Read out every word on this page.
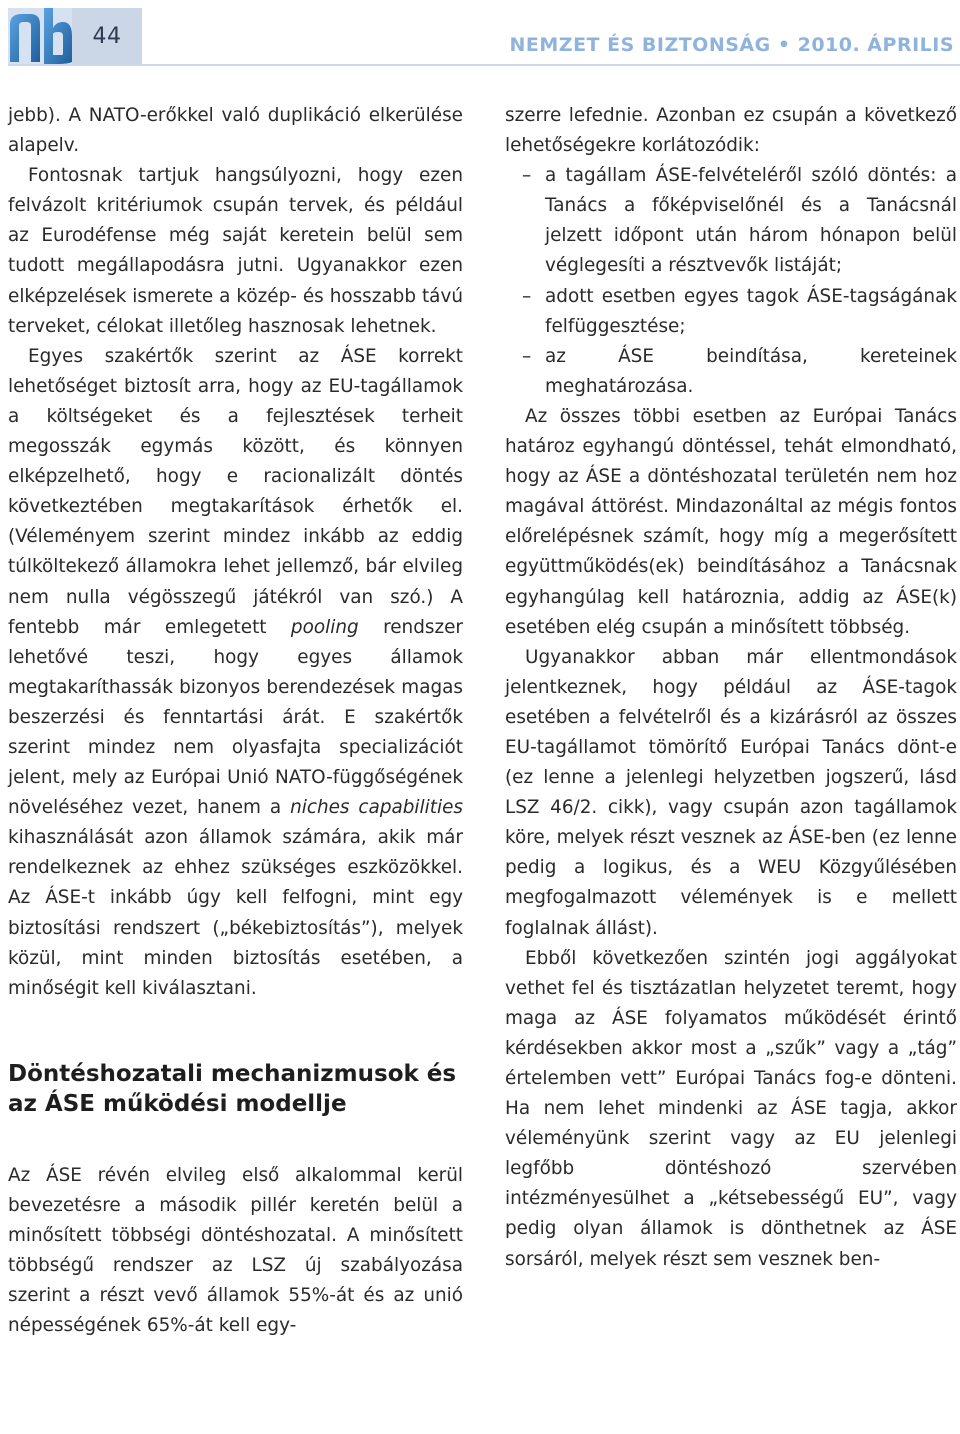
44	NEMZET ÉS BIZTONSÁG • 2010. ÁPRILIS

jebb). A NATO-erőkkel való duplikáció elkerülése alapelv.

Fontosnak tartjuk hangsúlyozni, hogy ezen felvázolt kritériumok csupán tervek, és például az Eurodéfense még saját keretein belül sem tudott megállapodásra jutni. Ugyanakkor ezen elképzelések ismerete a közép- és hosszabb távú terveket, célokat illetőleg hasznosak lehetnek.

Egyes szakértők szerint az ÁSE korrekt lehetőséget biztosít arra, hogy az EU-tagállamok a költségeket és a fejlesztések terheit megosszák egymás között, és könnyen elképzelhető, hogy e racionalizált döntés következtében megtakarítások érhetők el. (Véleményem szerint mindez inkább az eddig túlköltekező államokra lehet jellemző, bár elvileg nem nulla végösszegű játékról van szó.) A fentebb már emlegetett pooling rendszer lehetővé teszi, hogy egyes államok megtakaríthassák bizonyos berendezések magas beszerzési és fenntartási árát. E szakértők szerint mindez nem olyasfajta specializációt jelent, mely az Európai Unió NATO-függőségének növeléséhez vezet, hanem a niches capabilities kihasználását azon államok számára, akik már rendelkeznek az ehhez szükséges eszközökkel. Az ÁSE-t inkább úgy kell felfogni, mint egy biztosítási rendszert („békebiztosítás”), melyek közül, mint minden biztosítás esetében, a minőségit kell kiválasztani.

Döntéshozatali mechanizmusok és az ÁSE működési modellje

Az ÁSE révén elvileg első alkalommal kerül bevezetésre a második pillér keretén belül a minősített többségi döntéshozatal. A minősített többségű rendszer az LSZ új szabályozása szerint a részt vevő államok 55%-át és az unió népességének 65%-át kell egy-

szerre lefednie. Azonban ez csupán a következő lehetőségekre korlátozódik:

– a tagállam ÁSE-felvételéről szóló döntés: a Tanács a főképviselőnél és a Tanácsnál jelzett időpont után három hónapon belül véglegesíti a résztvevők listáját;
– adott esetben egyes tagok ÁSE-tagságának felfüggesztése;
– az ÁSE beindítása, kereteinek meghatározása.

Az összes többi esetben az Európai Tanács határoz egyhangú döntéssel, tehát elmondható, hogy az ÁSE a döntéshozatal területén nem hoz magával áttörést. Mindazonáltal az mégis fontos előrelépésnek számít, hogy míg a megerősített együttműködés(ek) beindításához a Tanácsnak egyhangúlag kell határoznia, addig az ÁSE(k) esetében elég csupán a minősített többség.

Ugyanakkor abban már ellentmondások jelentkeznek, hogy például az ÁSE-tagok esetében a felvételről és a kizárásról az összes EU-tagállamot tömörítő Európai Tanács dönt-e (ez lenne a jelenlegi helyzetben jogszerű, lásd LSZ 46/2. cikk), vagy csupán azon tagállamok köre, melyek részt vesznek az ÁSE-ben (ez lenne pedig a logikus, és a WEU Közgyűlésében megfogalmazott vélemények is e mellett foglalnak állást).

Ebből következően szintén jogi aggályokat vethet fel és tisztázatlan helyzetet teremt, hogy maga az ÁSE folyamatos működését érintő kérdésekben akkor most a „szűk” vagy a „tág” értelemben vett” Európai Tanács fog-e dönteni. Ha nem lehet mindenki az ÁSE tagja, akkor véleményünk szerint vagy az EU jelenlegi legfőbb döntéshozó szervében intézményesülhet a „kétsebességű EU”, vagy pedig olyan államok is dönthetnek az ÁSE sorsáról, melyek részt sem vesznek ben-
